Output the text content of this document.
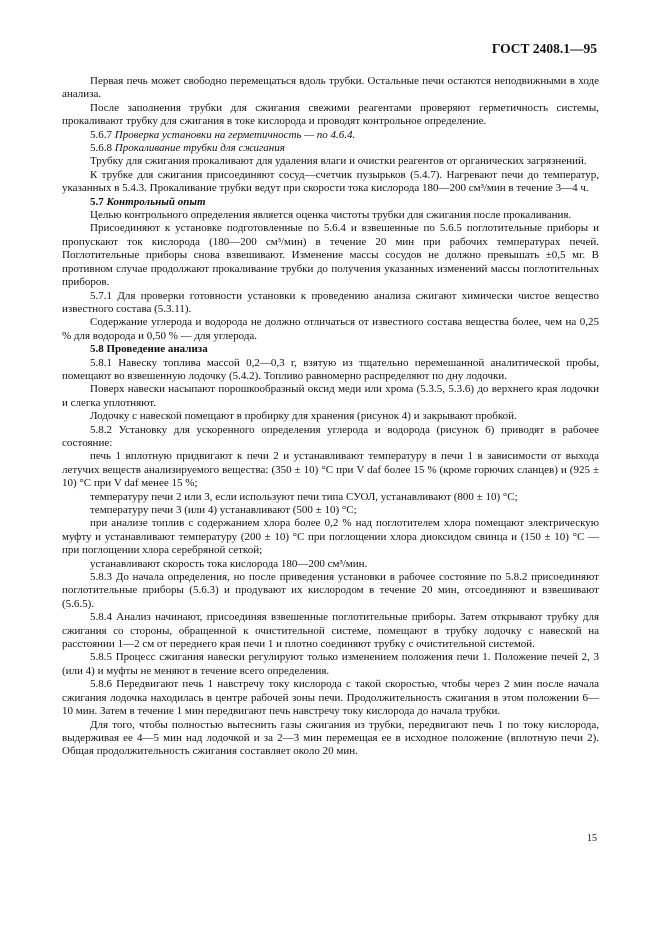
ГОСТ 2408.1—95

Первая печь может свободно перемещаться вдоль трубки. Остальные печи остаются неподвижными в ходе анализа.

После заполнения трубки для сжигания свежими реагентами проверяют герметичность системы, прокаливают трубку для сжигания в токе кислорода и проводят контрольное определение.

5.6.7 Проверка установки на герметичность — по 4.6.4.

5.6.8 Прокаливание трубки для сжигания

Трубку для сжигания прокаливают для удаления влаги и очистки реагентов от органических загрязнений.

К трубке для сжигания присоединяют сосуд—счетчик пузырьков (5.4.7). Нагревают печи до температур, указанных в 5.4.3. Прокаливание трубки ведут при скорости тока кислорода 180—200 см³/мин в течение 3—4 ч.

5.7 Контрольный опыт

Целью контрольного определения является оценка чистоты трубки для сжигания после прокаливания.

Присоединяют к установке подготовленные по 5.6.4 и взвешенные по 5.6.5 поглотительные приборы и пропускают ток кислорода (180—200 см³/мин) в течение 20 мин при рабочих температурах печей. Поглотительные приборы снова взвешивают. Изменение массы сосудов не должно превышать ±0,5 мг. В противном случае продолжают прокаливание трубки до получения указанных изменений массы поглотительных приборов.

5.7.1 Для проверки готовности установки к проведению анализа сжигают химически чистое вещество известного состава (5.3.11).

Содержание углерода и водорода не должно отличаться от известного состава вещества более, чем на 0,25 % для водорода и 0,50 % — для углерода.

5.8 Проведение анализа

5.8.1 Навеску топлива массой 0,2—0,3 г, взятую из тщательно перемешанной аналитической пробы, помещают во взвешенную лодочку (5.4.2). Топливо равномерно распределяют по дну лодочки.

Поверх навески насыпают порошкообразный оксид меди или хрома (5.3.5, 5.3.6) до верхнего края лодочки и слегка уплотняют.

Лодочку с навеской помещают в пробирку для хранения (рисунок 4) и закрывают пробкой.

5.8.2 Установку для ускоренного определения углерода и водорода (рисунок 6) приводят в рабочее состояние:

печь 1 вплотную придвигают к печи 2 и устанавливают температуру в печи 1 в зависимости от выхода летучих веществ анализируемого вещества: (350 ± 10) °С при V daf более 15 % (кроме горючих сланцев) и (925 ± 10) °С при V daf менее 15 %;

температуру печи 2 или 3, если используют печи типа СУОЛ, устанавливают (800 ± 10) °С;

температуру печи 3 (или 4) устанавливают (500 ± 10) °С;

при анализе топлив с содержанием хлора более 0,2 % над поглотителем хлора помещают электрическую муфту и устанавливают температуру (200 ± 10) °С при поглощении хлора диоксидом свинца и (150 ± 10) °С — при поглощении хлора серебряной сеткой;

устанавливают скорость тока кислорода 180—200 см³/мин.

5.8.3 До начала определения, но после приведения установки в рабочее состояние по 5.8.2 присоединяют поглотительные приборы (5.6.3) и продувают их кислородом в течение 20 мин, отсоединяют и взвешивают (5.6.5).

5.8.4 Анализ начинают, присоединяя взвешенные поглотительные приборы. Затем открывают трубку для сжигания со стороны, обращенной к очистительной системе, помещают в трубку лодочку с навеской на расстоянии 1—2 см от переднего края печи 1 и плотно соединяют трубку с очистительной системой.

5.8.5 Процесс сжигания навески регулируют только изменением положения печи 1. Положение печей 2, 3 (или 4) и муфты не меняют в течение всего определения.

5.8.6 Передвигают печь 1 навстречу току кислорода с такой скоростью, чтобы через 2 мин после начала сжигания лодочка находилась в центре рабочей зоны печи. Продолжительность сжигания в этом положении 6—10 мин. Затем в течение 1 мин передвигают печь навстречу току кислорода до начала трубки.

Для того, чтобы полностью вытеснить газы сжигания из трубки, передвигают печь 1 по току кислорода, выдерживая ее 4—5 мин над лодочкой и за 2—3 мин перемещая ее в исходное положение (вплотную печи 2). Общая продолжительность сжигания составляет около 20 мин.

15
